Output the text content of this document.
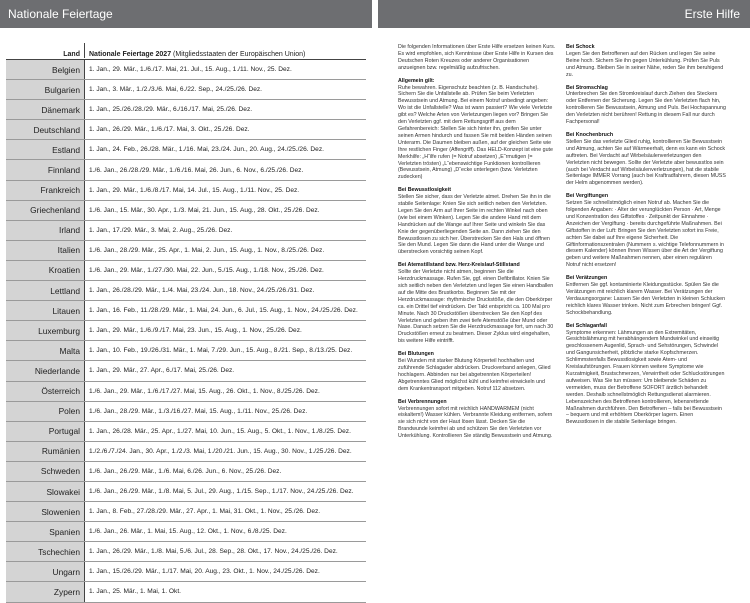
Nationale Feiertage	Erste Hilfe
Land	Nationale Feiertage 2027 (Mitgliedsstaaten der Europäischen Union)
Belgien	1. Jan., 29. Mär., 1./6./17. Mai, 21. Jul., 15. Aug., 1./11. Nov., 25. Dez.
Bulgarien	1. Jan., 3. Mär., 1./2./3./6. Mai, 6./22. Sep., 24./25./26. Dez.
Dänemark	1. Jan., 25./26./28./29. Mär., 6./16./17. Mai, 25./26. Dez.
Deutschland	1. Jan., 26./29. Mär., 1./6./17. Mai, 3. Okt., 25./26. Dez.
Estland	1. Jan., 24. Feb., 26./28. Mär., 1./16. Mai, 23./24. Jun., 20. Aug., 24./25./26. Dez.
Finnland	1./6. Jan., 26./28./29. Mär., 1./6./16. Mai, 26. Jun., 6. Nov., 6./25./26. Dez.
Frankreich	1. Jan., 29. Mär., 1./6./8./17. Mai, 14. Jul., 15. Aug., 1./11. Nov., 25. Dez.
Griechenland	1./6. Jan., 15. Mär., 30. Apr., 1./3. Mai, 21. Jun., 15. Aug., 28. Okt., 25./26. Dez.
Irland	1. Jan., 17./29. Mär., 3. Mai, 2. Aug., 25./26. Dez.
Italien	1./6. Jan., 28./29. Mär., 25. Apr., 1. Mai, 2. Jun., 15. Aug., 1. Nov., 8./25./26. Dez.
Kroatien	1./6. Jan., 29. Mär., 1./27./30. Mai, 22. Jun., 5./15. Aug., 1./18. Nov., 25./26. Dez.
Lettland	1. Jan., 26./28./29. Mär., 1./4. Mai, 23./24. Jun., 18. Nov., 24./25./26./31. Dez.
Litauen	1. Jan., 16. Feb., 11./28./29. Mär., 1. Mai, 24. Jun., 6. Jul., 15. Aug., 1. Nov., 24./25./26. Dez.
Luxemburg	1. Jan., 29. Mär., 1./6./9./17. Mai, 23. Jun., 15. Aug., 1. Nov., 25./26. Dez.
Malta	1. Jan., 10. Feb., 19./26./31. Mär., 1. Mai, 7./29. Jun., 15. Aug., 8./21. Sep., 8./13./25. Dez.
Niederlande	1. Jan., 29. Mär., 27. Apr., 6./17. Mai, 25./26. Dez.
Österreich	1./6. Jan., 29. Mär., 1./6./17./27. Mai, 15. Aug., 26. Okt., 1. Nov., 8./25./26. Dez.
Polen	1./6. Jan., 28./29. Mär., 1./3./16./27. Mai, 15. Aug., 1./11. Nov., 25./26. Dez.
Portugal	1. Jan., 26./28. Mär., 25. Apr., 1./27. Mai, 10. Jun., 15. Aug., 5. Okt., 1. Nov., 1./8./25. Dez.
Rumänien	1./2./6./7./24. Jan., 30. Apr., 1./2./3. Mai, 1./20./21. Jun., 15. Aug., 30. Nov., 1./25./26. Dez.
Schweden	1./6. Jan., 26./29. Mär., 1./6. Mai, 6./26. Jun., 6. Nov., 25./26. Dez.
Slowakei	1./6. Jan., 26./29. Mär., 1./8. Mai, 5. Jul., 29. Aug., 1./15. Sep., 1./17. Nov., 24./25./26. Dez.
Slowenien	1. Jan., 8. Feb., 27./28./29. Mär., 27. Apr., 1. Mai, 31. Okt., 1. Nov., 25./26. Dez.
Spanien	1./6. Jan., 26. Mär., 1. Mai, 15. Aug., 12. Okt., 1. Nov., 6./8./25. Dez.
Tschechien	1. Jan., 26./29. Mär., 1./8. Mai, 5./6. Jul., 28. Sep., 28. Okt., 17. Nov., 24./25./26. Dez.
Ungarn	1. Jan., 15./26./29. Mär., 1./17. Mai, 20. Aug., 23. Okt., 1. Nov., 24./25./26. Dez.
Zypern	1. Jan., 25. Mär., 1. Mai, 1. Okt.

Die folgenden Informationen über Erste Hilfe ersetzen keinen Kurs. Es wird empfohlen, sich Kenntnisse über Erste Hilfe in Kursen des Deutschen Roten Kreuzes oder anderer Organisationen anzueignen bzw. regelmäßig aufzufrischen.

Allgemein gilt:
Ruhe bewahren. Eigenschutz beachten (z. B. Handschuhe). Sichern Sie die Unfallstelle ab. Prüfen Sie beim Verletzten Bewusstsein und Atmung. Bei einem Notruf unbedingt angeben: Wo ist die Unfallstelle? Was ist wann passiert? Wie viele Verletzte gibt es? Welche Arten von Verletzungen liegen vor? Bringen Sie den Verletzten ggf. mit dem Rettungsgriff aus dem Gefahrenbereich: Stellen Sie sich hinter ihn, greifen Sie unter seinen Armen hindurch und fassen Sie mit beiden Händen seinen Unterarm. Die Daumen bleiben außen, auf der gleichen Seite wie Ihre restlichen Finger (Affengriff). Das HELD-Konzept ist eine gute Merkhilfe: „H“ilfe rufen (= Notruf absetzen) „E“rmutigen (= Verletzten trösten) „L“ebenswichtige Funktionen kontrollieren (Bewusstsein, Atmung) „D“ecke unterlegen (bzw. Verletzten zudecken)

Bei Bewusstlosigkeit
Stellen Sie sicher, dass der Verletzte atmet. Drehen Sie ihn in die stabile Seitenlage: Knien Sie sich seitlich neben den Verletzten. Legen Sie den Arm auf Ihrer Seite im rechten Winkel nach oben (wie bei einem Winken). Legen Sie die andere Hand mit dem Handrücken auf die Wange auf Ihrer Seite und winkeln Sie das Knie der gegenüberliegenden Seite an. Dann ziehen Sie den Bewusstlosen zu sich her. Überstrecken Sie den Hals und öffnen Sie den Mund. Legen Sie dann die Hand unter die Wange und überstrecken vorsichtig seinen Kopf.

Bei Atemstillstand bzw. Herz-Kreislauf-Stillstand
Sollte der Verletzte nicht atmen, beginnen Sie die Herzdruckmassage. Rufen Sie, ggf. einen Defibrillator. Knien Sie sich seitlich neben den Verletzten und legen Sie einen Handballen auf die Mitte des Brustkorbs. Beginnen Sie mit der Herzdruckmassage: rhythmische Druckstöße, die den Oberkörper ca. ein Drittel tief eindrücken. Der Takt entspricht ca. 100 Mal pro Minute. Nach 30 Druckstößen überstrecken Sie den Kopf des Verletzten und geben ihm zwei tiefe Atemstöße über Mund oder Nase. Danach setzen Sie die Herzdruckmassage fort, um nach 30 Druckstößen erneut zu beatmen. Dieser Zyklus wird eingehalten, bis weitere Hilfe eintrifft.

Bei Blutungen
Bei Wunden mit starker Blutung Körperteil hochhalten und zuführende Schlagader abdrücken. Druckverband anlegen, Glied hochlagern. Abbinden nur bei abgetrennten Körperteilen! Abgetrenntes Glied möglichst kühl und keimfrei einwickeln und dem Krankentransport mitgeben. Notruf 112 absetzen.

Bei Verbrennungen
Verbrennungen sofort mit reichlich HANDWARMEM (nicht eiskaltem!) Wasser kühlen. Verbrannte Kleidung entfernen, sofern sie sich nicht von der Haut lösen lässt. Decken Sie die Brandwunde keimfrei ab und schützen Sie den Verletzten vor Unterkühlung. Kontrollieren Sie ständig Bewusstsein und Atmung.

Bei Schock
Legen Sie den Betroffenen auf den Rücken und legen Sie seine Beine hoch. Sichern Sie ihn gegen Unterkühlung. Prüfen Sie Puls und Atmung. Bleiben Sie in seiner Nähe, reden Sie ihm beruhigend zu.

Bei Stromschlag
Unterbrechen Sie den Stromkreislauf durch Ziehen des Steckers oder Entfernen der Sicherung. Legen Sie den Verletzten flach hin, kontrollieren Sie Bewusstsein, Atmung und Puls. Bei Hochspannung den Verletzten nicht berühren! Rettung in diesem Fall nur durch Fachpersonal!

Bei Knochenbruch
Stellen Sie das verletzte Glied ruhig, kontrollieren Sie Bewusstsein und Atmung, achten Sie auf Wärmeerhalt, denn es kann ein Schock auftreten. Bei Verdacht auf Wirbelsäulenverletzungen den Verletzten nicht bewegen. Sollte der Verletzte aber bewusstlos sein (auch bei Verdacht auf Wirbelsäulenverletzungen), hat die stabile Seitenlage IMMER Vorrang (auch bei Kraftradfahrern, diesen MUSS der Helm abgenommen werden).

Bei Vergiftungen
Setzen Sie schnellstmöglich einen Notruf ab. Machen Sie die folgenden Angaben: · Alter der verunglückten Person · Art, Menge und Konzentration des Giftstoffes · Zeitpunkt der Einnahme · Anzeichen der Vergiftung · bereits durchgeführte Maßnahmen. Bei Giftstoffen in der Luft: Bringen Sie den Verletzten sofort ins Freie, achten Sie dabei auf Ihre eigene Sicherheit. Die Giftinformationszentralen (Nummern s. wichtige Telefonnummern in diesem Kalender) können Ihnen Wissen über die Art der Vergiftung geben und weitere Maßnahmen nennen, aber einen regulären Notruf nicht ersetzen!

Bei Verätzungen
Entfernen Sie ggf. kontaminierte Kleidungsstücke. Spülen Sie die Verätzungen mit reichlich klarem Wasser. Bei Verätzungen der Verdauungsorgane: Lassen Sie den Verletzten in kleinen Schlucken reichlich klares Wasser trinken. Nicht zum Erbrechen bringen! Ggf. Schockbehandlung.

Bei Schlaganfall
Symptome erkennen: Lähmungen an den Extremitäten, Gesichtslähmung mit herabhängendem Mundwinkel und einseitig geschlossenem Augenlid, Sprach- und Sehstörungen, Schwindel und Gangunsicherheit, plötzliche starke Kopfschmerzen. Schlimmstenfalls Bewusstlosigkeit sowie Atem- und Kreislaufstörungen. Frauen können weitere Symptome wie Kurzatmigkeit, Brustschmerzen, Verwirrtheit oder Schluckstörungen aufweisen. Was Sie tun müssen: Um bleibende Schäden zu vermeiden, muss der Betroffene SOFORT ärztlich behandelt werden. Deshalb schnellstmöglich Rettungsdienst alarmieren. Lebenszeichen des Betroffenen kontrollieren, lebensrettende Maßnahmen durchführen. Den Betroffenen – falls bei Bewusstsein – bequem und mit erhöhtem Oberkörper lagern. Einen Bewusstlosen in die stabile Seitenlage bringen.
